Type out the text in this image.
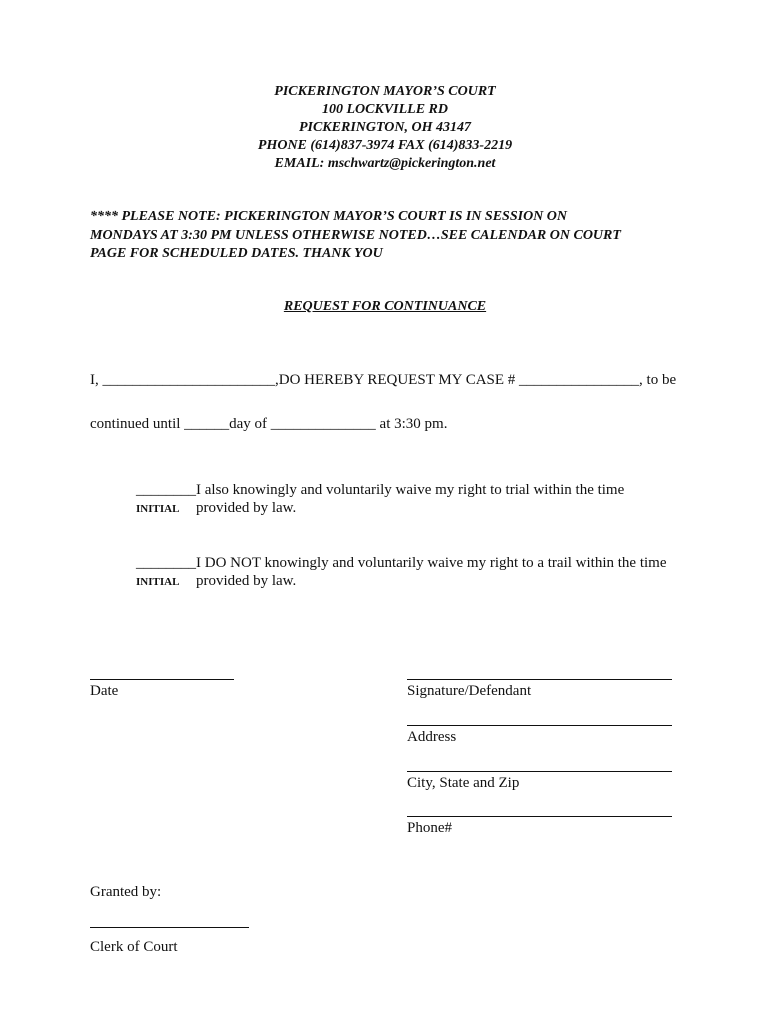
PICKERINGTON MAYOR’S COURT
100 LOCKVILLE RD
PICKERINGTON, OH 43147
PHONE (614)837-3974 FAX (614)833-2219
EMAIL: mschwartz@pickerington.net
**** PLEASE NOTE: PICKERINGTON MAYOR’S COURT IS IN SESSION ON
MONDAYS AT 3:30 PM UNLESS OTHERWISE NOTED…SEE CALENDAR ON COURT
PAGE FOR SCHEDULED DATES. THANK YOU
REQUEST FOR CONTINUANCE
I, _______________________,DO HEREBY REQUEST MY CASE # ________________, to be
continued until ______day of ______________ at 3:30 pm.
________I also knowingly and voluntarily waive my right to trial within the time
INITIAL provided by law.
________I DO NOT knowingly and voluntarily waive my right to a trail within the time
INITIAL provided by law.
Date	Signature/Defendant
Address
City, State and Zip
Phone#
Granted by:
Clerk of Court
